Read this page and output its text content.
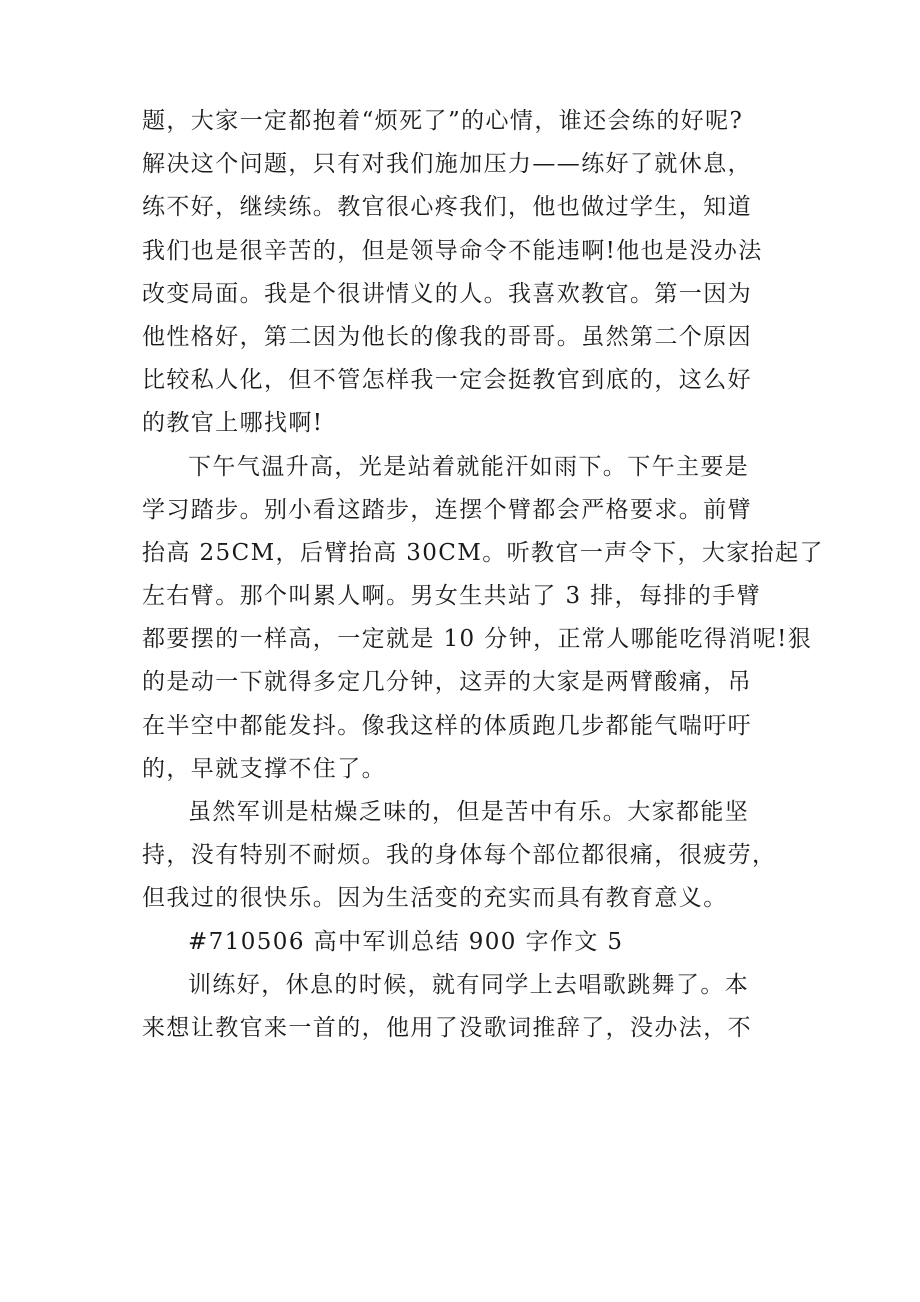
题，大家一定都抱着“烦死了”的心情，谁还会练的好呢?
解决这个问题，只有对我们施加压力——练好了就休息，
练不好，继续练。教官很心疼我们，他也做过学生，知道
我们也是很辛苦的，但是领导命令不能违啊!他也是没办法
改变局面。我是个很讲情义的人。我喜欢教官。第一因为
他性格好，第二因为他长的像我的哥哥。虽然第二个原因
比较私人化，但不管怎样我一定会挺教官到底的，这么好
的教官上哪找啊!
下午气温升高，光是站着就能汗如雨下。下午主要是
学习踏步。别小看这踏步，连摆个臂都会严格要求。前臂
抬高 25CM，后臂抬高 30CM。听教官一声令下，大家抬起了
左右臂。那个叫累人啊。男女生共站了 3 排，每排的手臂
都要摆的一样高，一定就是 10 分钟，正常人哪能吃得消呢!狠
的是动一下就得多定几分钟，这弄的大家是两臂酸痛，吊
在半空中都能发抖。像我这样的体质跑几步都能气喘吁吁
的，早就支撑不住了。
虽然军训是枯燥乏味的，但是苦中有乐。大家都能坚
持，没有特别不耐烦。我的身体每个部位都很痛，很疲劳，
但我过的很快乐。因为生活变的充实而具有教育意义。
#710506 高中军训总结 900 字作文 5
训练好，休息的时候，就有同学上去唱歌跳舞了。本
来想让教官来一首的，他用了没歌词推辞了，没办法，不
